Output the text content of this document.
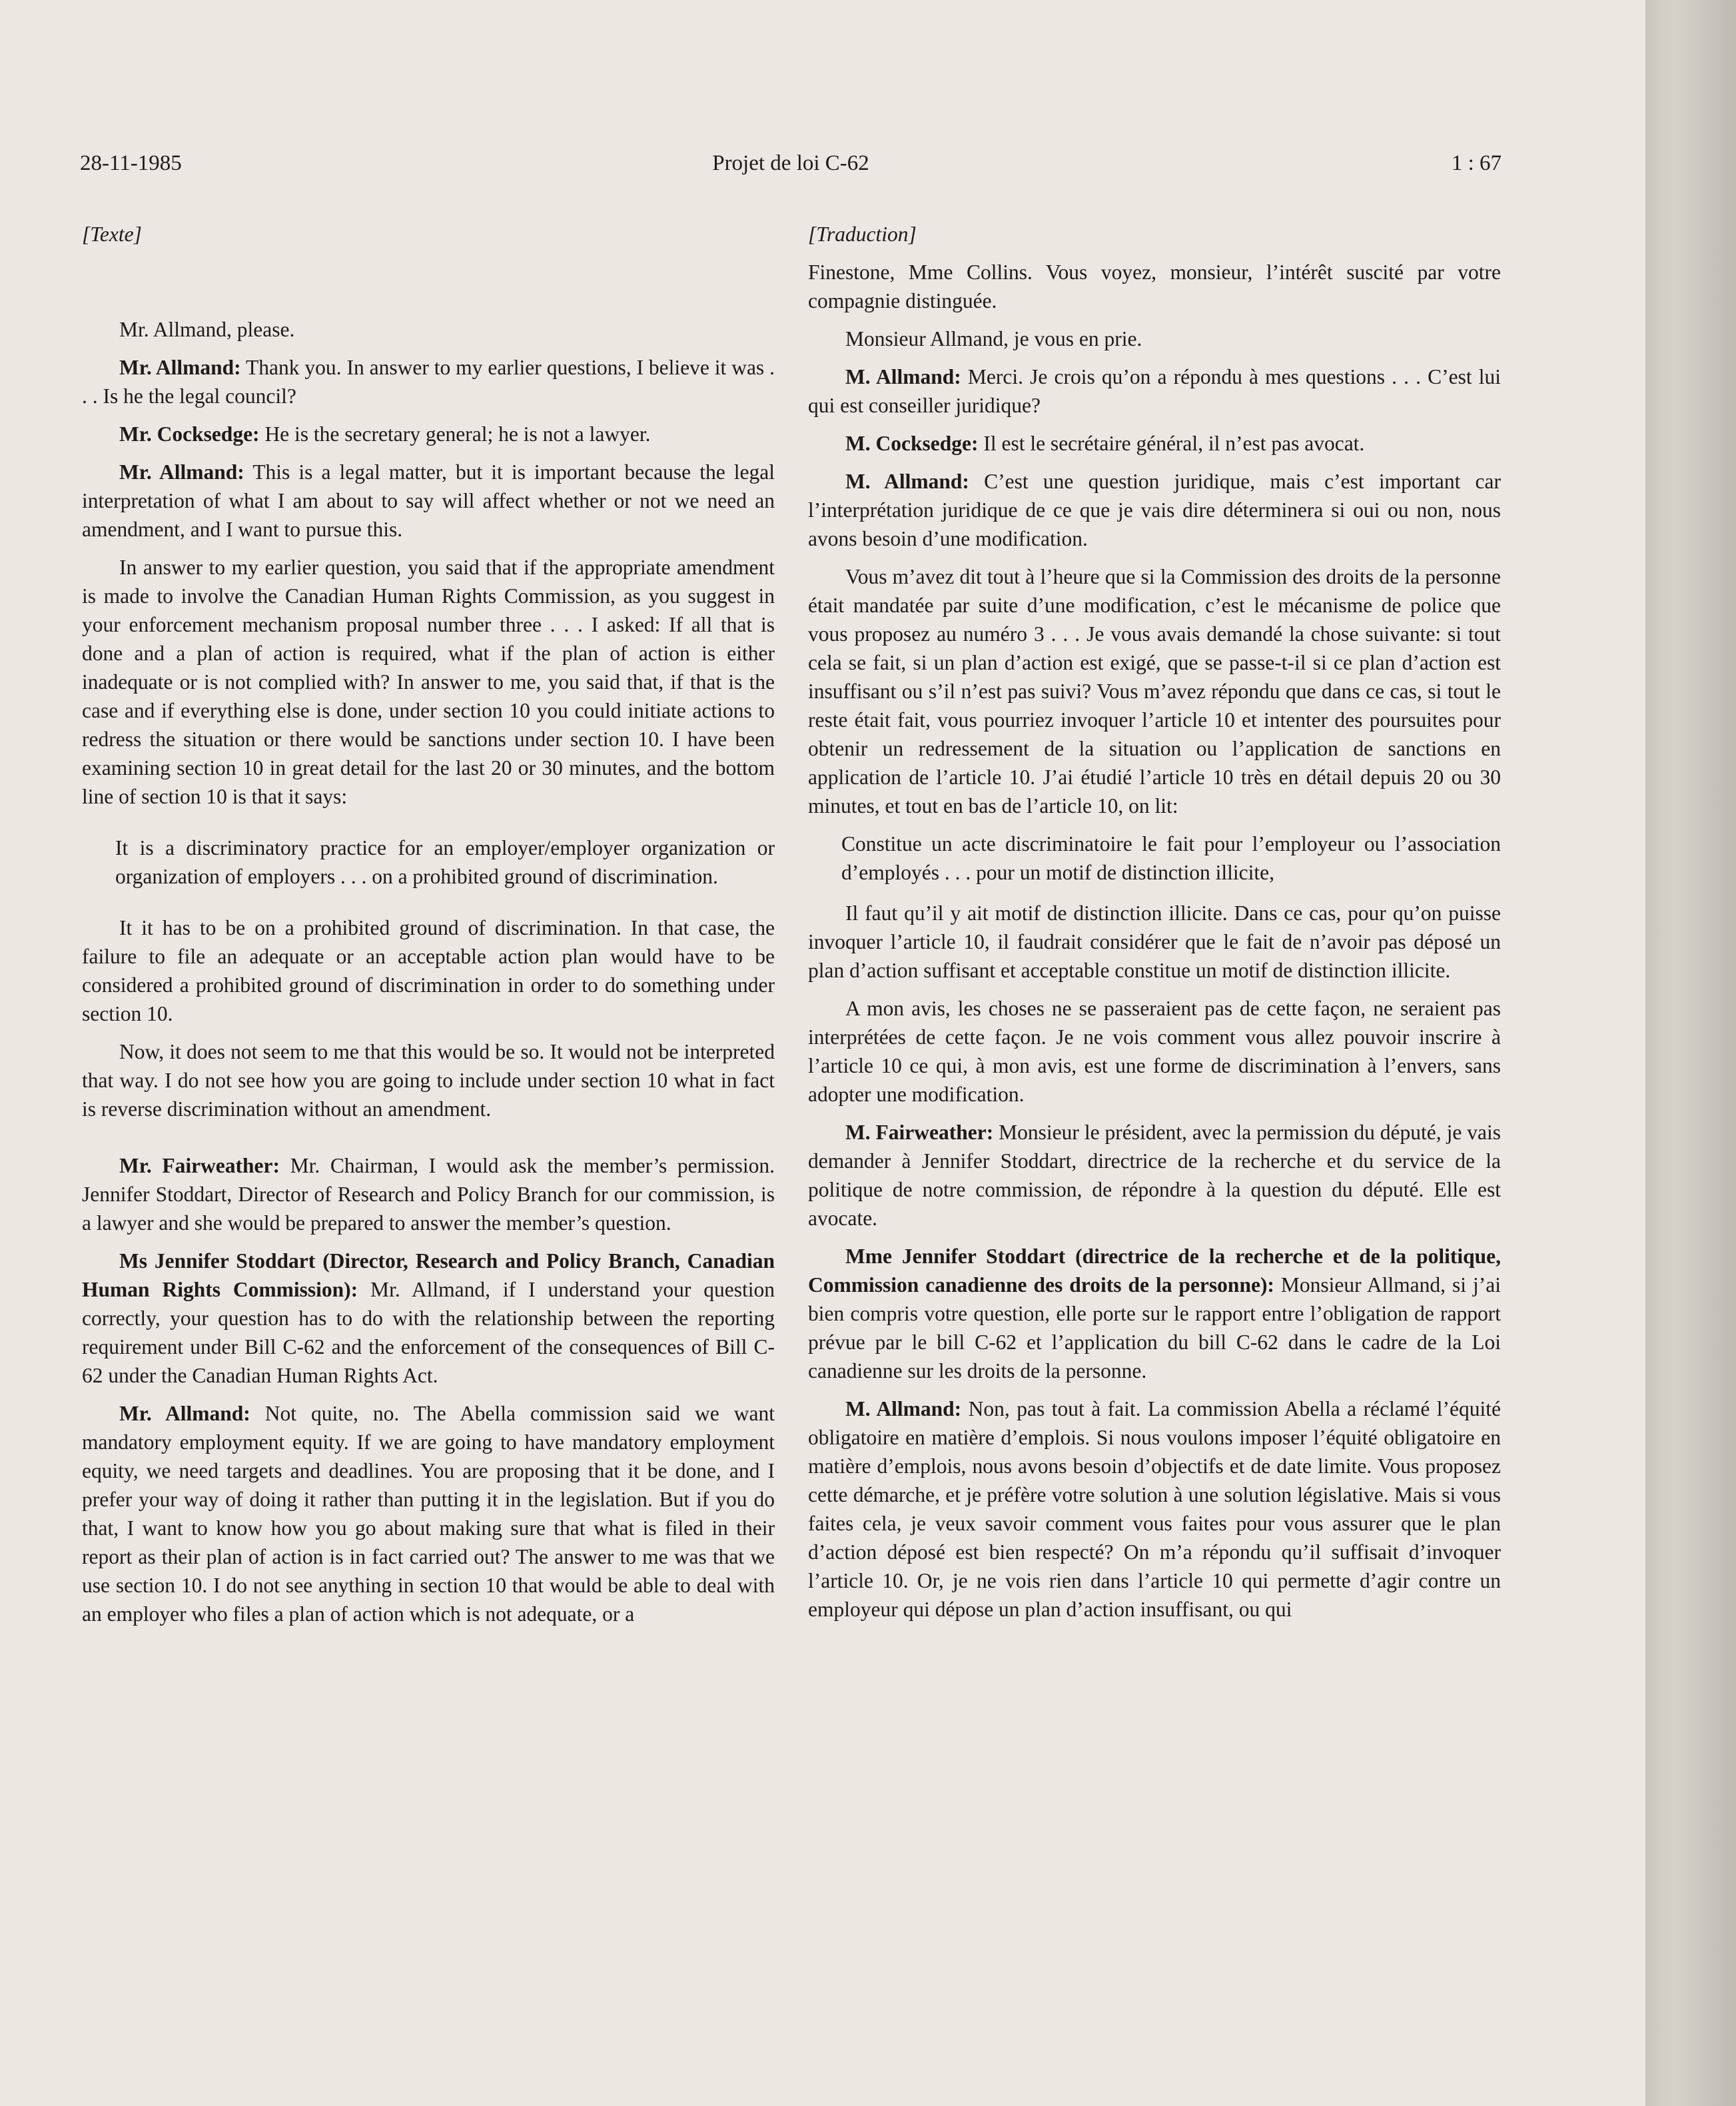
28-11-1985	Projet de loi C-62	1 : 67

[Texte]

Mr. Allmand, please.

Mr. Allmand: Thank you. In answer to my earlier questions, I believe it was . . . Is he the legal council?

Mr. Cocksedge: He is the secretary general; he is not a lawyer.

Mr. Allmand: This is a legal matter, but it is important because the legal interpretation of what I am about to say will affect whether or not we need an amendment, and I want to pursue this.

In answer to my earlier question, you said that if the appropriate amendment is made to involve the Canadian Human Rights Commission, as you suggest in your enforcement mechanism proposal number three . . . I asked: If all that is done and a plan of action is required, what if the plan of action is either inadequate or is not complied with? In answer to me, you said that, if that is the case and if everything else is done, under section 10 you could initiate actions to redress the situation or there would be sanctions under section 10. I have been examining section 10 in great detail for the last 20 or 30 minutes, and the bottom line of section 10 is that it says:

It is a discriminatory practice for an employer/employer organization or organization of employers . . . on a prohibited ground of discrimination.

It it has to be on a prohibited ground of discrimination. In that case, the failure to file an adequate or an acceptable action plan would have to be considered a prohibited ground of discrimination in order to do something under section 10.

Now, it does not seem to me that this would be so. It would not be interpreted that way. I do not see how you are going to include under section 10 what in fact is reverse discrimination without an amendment.

Mr. Fairweather: Mr. Chairman, I would ask the member’s permission. Jennifer Stoddart, Director of Research and Policy Branch for our commission, is a lawyer and she would be prepared to answer the member’s question.

Ms Jennifer Stoddart (Director, Research and Policy Branch, Canadian Human Rights Commission): Mr. Allmand, if I understand your question correctly, your question has to do with the relationship between the reporting requirement under Bill C-62 and the enforcement of the consequences of Bill C-62 under the Canadian Human Rights Act.

Mr. Allmand: Not quite, no. The Abella commission said we want mandatory employment equity. If we are going to have mandatory employment equity, we need targets and deadlines. You are proposing that it be done, and I prefer your way of doing it rather than putting it in the legislation. But if you do that, I want to know how you go about making sure that what is filed in their report as their plan of action is in fact carried out? The answer to me was that we use section 10. I do not see anything in section 10 that would be able to deal with an employer who files a plan of action which is not adequate, or a

[Traduction]

Finestone, Mme Collins. Vous voyez, monsieur, l’intérêt suscité par votre compagnie distinguée.

Monsieur Allmand, je vous en prie.

M. Allmand: Merci. Je crois qu’on a répondu à mes questions . . . C’est lui qui est conseiller juridique?

M. Cocksedge: Il est le secrétaire général, il n’est pas avocat.

M. Allmand: C’est une question juridique, mais c’est important car l’interprétation juridique de ce que je vais dire déterminera si oui ou non, nous avons besoin d’une modification.

Vous m’avez dit tout à l’heure que si la Commission des droits de la personne était mandatée par suite d’une modification, c’est le mécanisme de police que vous proposez au numéro 3 . . . Je vous avais demandé la chose suivante: si tout cela se fait, si un plan d’action est exigé, que se passe-t-il si ce plan d’action est insuffisant ou s’il n’est pas suivi? Vous m’avez répondu que dans ce cas, si tout le reste était fait, vous pourriez invoquer l’article 10 et intenter des poursuites pour obtenir un redressement de la situation ou l’application de sanctions en application de l’article 10. J’ai étudié l’article 10 très en détail depuis 20 ou 30 minutes, et tout en bas de l’article 10, on lit:

Constitue un acte discriminatoire le fait pour l’employeur ou l’association d’employés . . . pour un motif de distinction illicite,

Il faut qu’il y ait motif de distinction illicite. Dans ce cas, pour qu’on puisse invoquer l’article 10, il faudrait considérer que le fait de n’avoir pas déposé un plan d’action suffisant et acceptable constitue un motif de distinction illicite.

A mon avis, les choses ne se passeraient pas de cette façon, ne seraient pas interprétées de cette façon. Je ne vois comment vous allez pouvoir inscrire à l’article 10 ce qui, à mon avis, est une forme de discrimination à l’envers, sans adopter une modification.

M. Fairweather: Monsieur le président, avec la permission du député, je vais demander à Jennifer Stoddart, directrice de la recherche et du service de la politique de notre commission, de répondre à la question du député. Elle est avocate.

Mme Jennifer Stoddart (directrice de la recherche et de la politique, Commission canadienne des droits de la personne): Monsieur Allmand, si j’ai bien compris votre question, elle porte sur le rapport entre l’obligation de rapport prévue par le bill C-62 et l’application du bill C-62 dans le cadre de la Loi canadienne sur les droits de la personne.

M. Allmand: Non, pas tout à fait. La commission Abella a réclamé l’équité obligatoire en matière d’emplois. Si nous voulons imposer l’équité obligatoire en matière d’emplois, nous avons besoin d’objectifs et de date limite. Vous proposez cette démarche, et je préfère votre solution à une solution législative. Mais si vous faites cela, je veux savoir comment vous faites pour vous assurer que le plan d’action déposé est bien respecté? On m’a répondu qu’il suffisait d’invoquer l’article 10. Or, je ne vois rien dans l’article 10 qui permette d’agir contre un employeur qui dépose un plan d’action insuffisant, ou qui
